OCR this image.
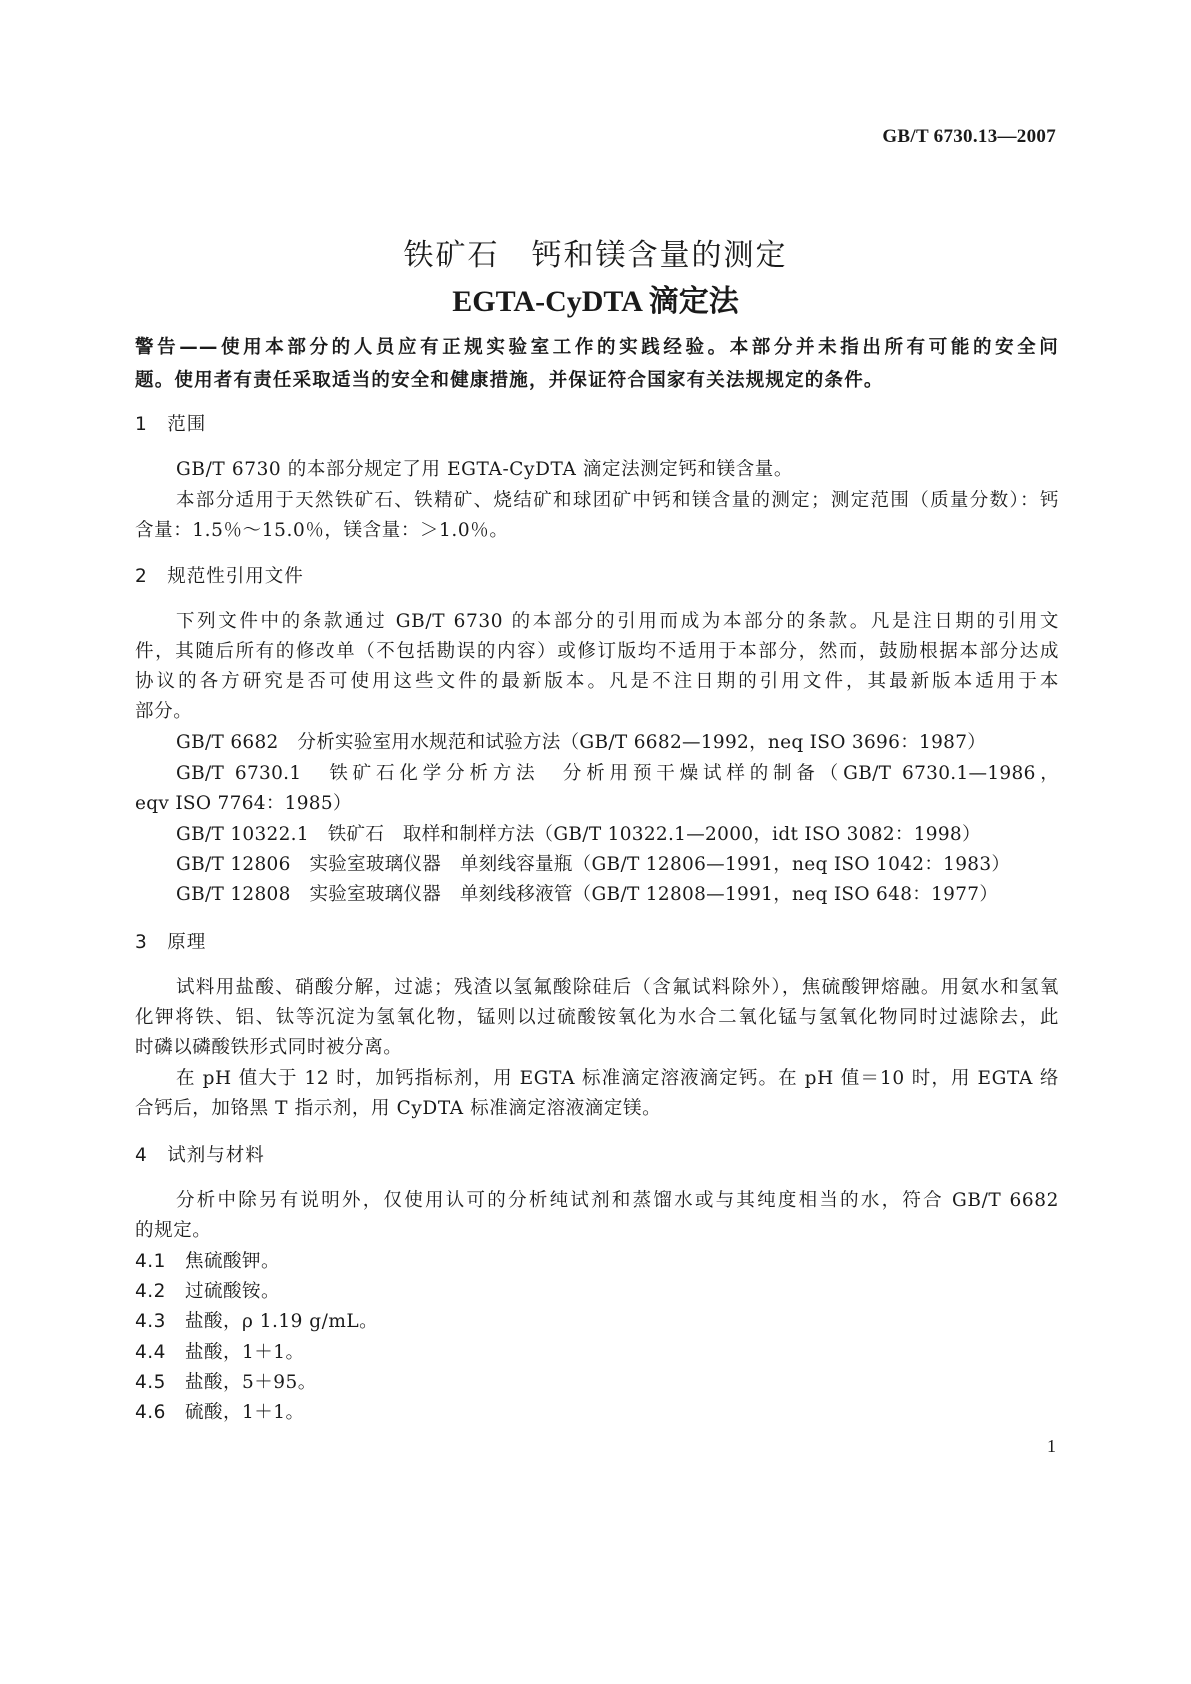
GB/T 6730.13—2007
铁矿石　钙和镁含量的测定
EGTA-CyDTA 滴定法
警告——使用本部分的人员应有正规实验室工作的实践经验。本部分并未指出所有可能的安全问
题。使用者有责任采取适当的安全和健康措施，并保证符合国家有关法规规定的条件。
1　范围
GB/T 6730 的本部分规定了用 EGTA-CyDTA 滴定法测定钙和镁含量。
本部分适用于天然铁矿石、铁精矿、烧结矿和球团矿中钙和镁含量的测定；测定范围（质量分数）：钙
含量：1.5％～15.0％，镁含量：＞1.0％。
2　规范性引用文件
下列文件中的条款通过 GB/T 6730 的本部分的引用而成为本部分的条款。凡是注日期的引用文
件，其随后所有的修改单（不包括勘误的内容）或修订版均不适用于本部分，然而，鼓励根据本部分达成
协议的各方研究是否可使用这些文件的最新版本。凡是不注日期的引用文件，其最新版本适用于本
部分。
GB/T 6682　分析实验室用水规范和试验方法（GB/T 6682—1992，neq ISO 3696：1987）
GB/T 6730.1　铁矿石化学分析方法　分析用预干燥试样的制备（GB/T 6730.1—1986，
eqv ISO 7764：1985）
GB/T 10322.1　铁矿石　取样和制样方法（GB/T 10322.1—2000，idt ISO 3082：1998）
GB/T 12806　实验室玻璃仪器　单刻线容量瓶（GB/T 12806—1991，neq ISO 1042：1983）
GB/T 12808　实验室玻璃仪器　单刻线移液管（GB/T 12808—1991，neq ISO 648：1977）
3　原理
试料用盐酸、硝酸分解，过滤；残渣以氢氟酸除硅后（含氟试料除外），焦硫酸钾熔融。用氨水和氢氧
化钾将铁、铝、钛等沉淀为氢氧化物，锰则以过硫酸铵氧化为水合二氧化锰与氢氧化物同时过滤除去，此
时磷以磷酸铁形式同时被分离。
在 pH 值大于 12 时，加钙指标剂，用 EGTA 标准滴定溶液滴定钙。在 pH 值＝10 时，用 EGTA 络
合钙后，加铬黑 T 指示剂，用 CyDTA 标准滴定溶液滴定镁。
4　试剂与材料
分析中除另有说明外，仅使用认可的分析纯试剂和蒸馏水或与其纯度相当的水，符合 GB/T 6682
的规定。
4.1　 焦硫酸钾。
4.2　 过硫酸铵。
4.3　 盐酸，ρ 1.19 g/mL。
4.4　 盐酸，1＋1。
4.5　 盐酸，5＋95。
4.6　 硫酸，1＋1。
1
